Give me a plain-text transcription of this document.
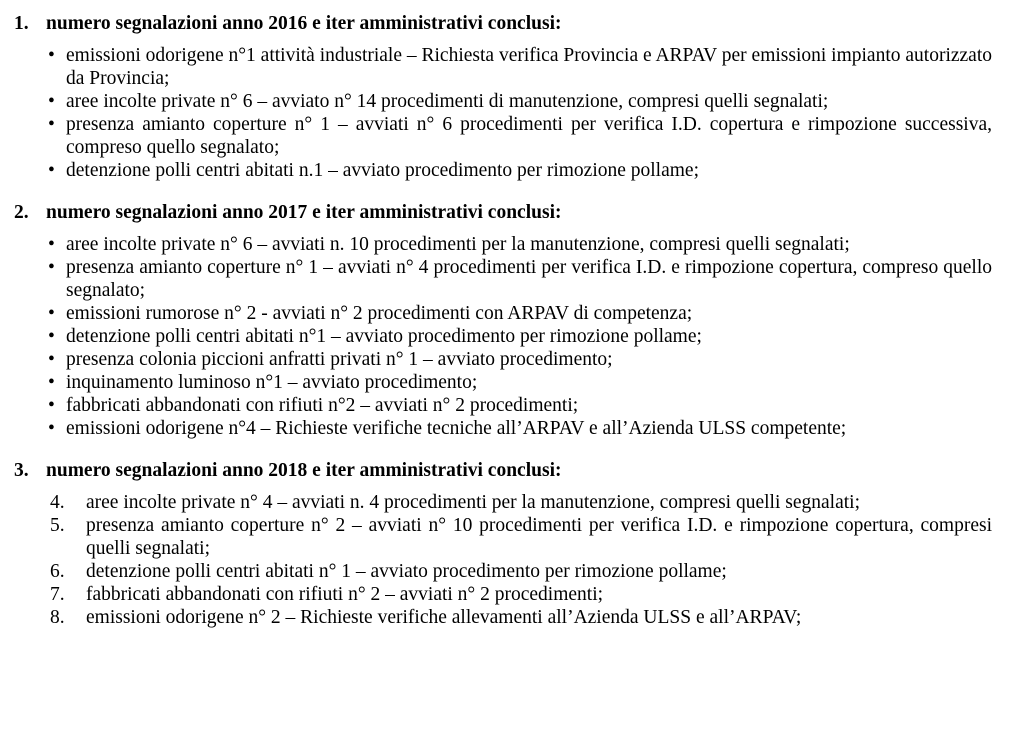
1. numero segnalazioni anno 2016 e iter amministrativi conclusi:
• emissioni odorigene n°1 attività industriale – Richiesta verifica Provincia e ARPAV per emissioni impianto autorizzato da Provincia;
• aree incolte private n° 6 – avviato n° 14 procedimenti di manutenzione, compresi quelli segnalati;
• presenza amianto coperture n° 1 – avviati n° 6 procedimenti per verifica I.D. copertura e rimpozione successiva, compreso quello segnalato;
• detenzione polli centri abitati n.1 – avviato procedimento per rimozione pollame;
2. numero segnalazioni anno 2017 e iter amministrativi conclusi:
• aree incolte private n° 6 – avviati n. 10 procedimenti per la manutenzione, compresi quelli segnalati;
• presenza amianto coperture n° 1 – avviati n° 4 procedimenti per verifica I.D. e rimpozione copertura, compreso quello segnalato;
• emissioni rumorose n° 2 - avviati n° 2 procedimenti con ARPAV di competenza;
• detenzione polli centri abitati n°1 – avviato procedimento per rimozione pollame;
• presenza colonia piccioni anfratti privati n° 1 – avviato procedimento;
• inquinamento luminoso n°1 – avviato procedimento;
• fabbricati abbandonati con rifiuti n°2 – avviati n° 2 procedimenti;
• emissioni odorigene n°4 – Richieste verifiche tecniche all’ARPAV e all’Azienda ULSS competente;
3. numero segnalazioni anno 2018 e iter amministrativi conclusi:
4. aree incolte private n° 4 – avviati n. 4 procedimenti per la manutenzione, compresi quelli segnalati;
5. presenza amianto coperture n° 2 – avviati n° 10 procedimenti per verifica I.D. e rimpozione copertura, compresi quelli segnalati;
6. detenzione polli centri abitati n° 1 – avviato procedimento per rimozione pollame;
7. fabbricati abbandonati con rifiuti n° 2 – avviati n° 2 procedimenti;
8. emissioni odorigene n° 2 – Richieste verifiche allevamenti all’Azienda ULSS e all’ARPAV;
